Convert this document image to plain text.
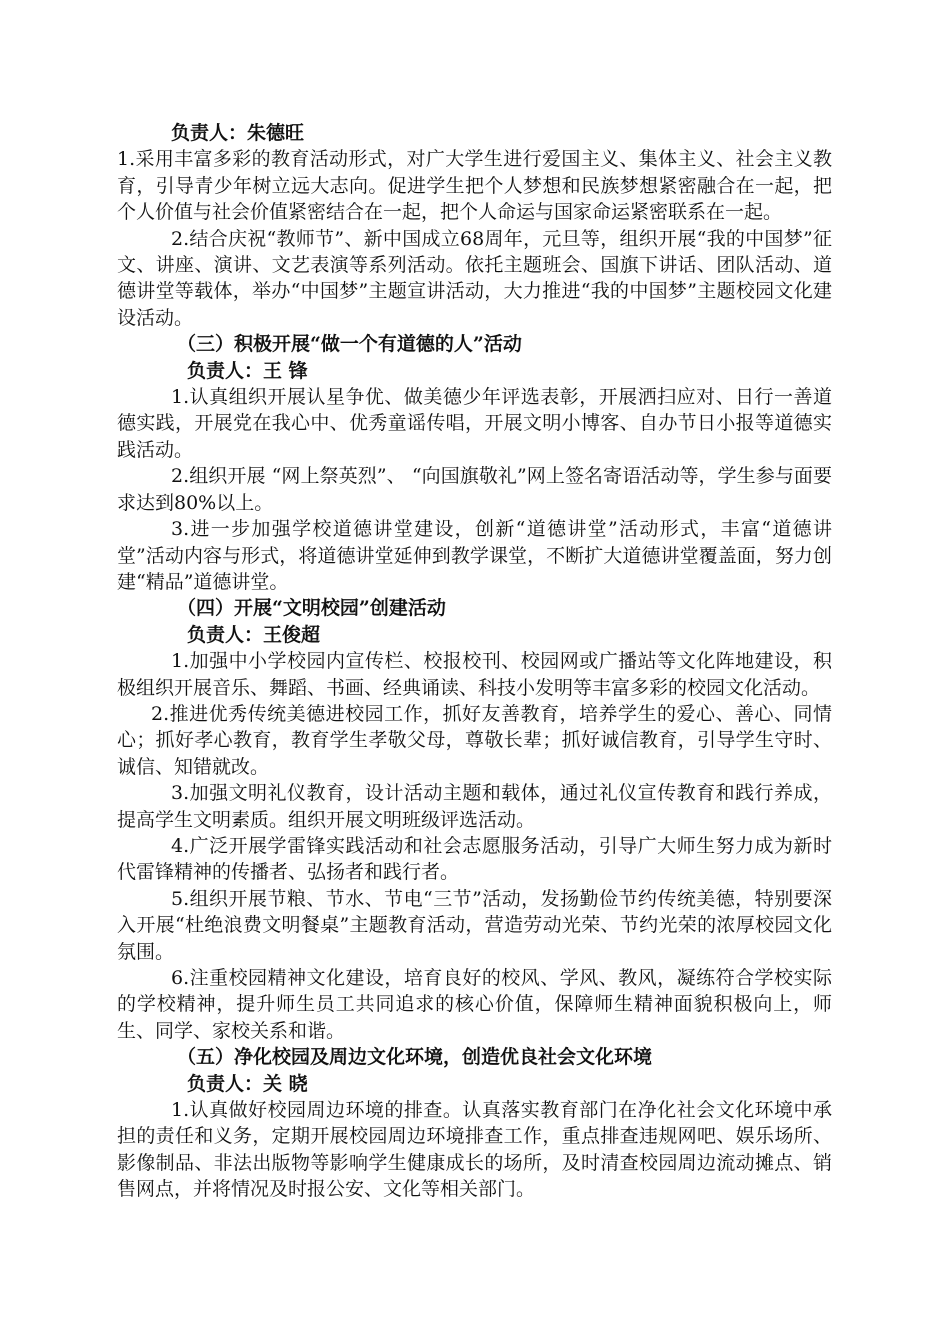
负责人：朱德旺

1.采用丰富多彩的教育活动形式，对广大学生进行爱国主义、集体主义、社会主义教育，引导青少年树立远大志向。促进学生把个人梦想和民族梦想紧密融合在一起，把个人价值与社会价值紧密结合在一起，把个人命运与国家命运紧密联系在一起。

2.结合庆祝“教师节”、新中国成立68周年，元旦等，组织开展“我的中国梦”征文、讲座、演讲、文艺表演等系列活动。依托主题班会、国旗下讲话、团队活动、道德讲堂等载体，举办“中国梦”主题宣讲活动，大力推进“我的中国梦”主题校园文化建设活动。

（三）积极开展“做一个有道德的人”活动

负责人：王 锋

1.认真组织开展认星争优、做美德少年评选表彰，开展洒扫应对、日行一善道德实践，开展党在我心中、优秀童谣传唱，开展文明小博客、自办节日小报等道德实践活动。

2.组织开展 “网上祭英烈”、 “向国旗敬礼”网上签名寄语活动等，学生参与面要求达到80%以上。

3.进一步加强学校道德讲堂建设，创新“道德讲堂”活动形式，丰富“道德讲堂”活动内容与形式，将道德讲堂延伸到教学课堂，不断扩大道德讲堂覆盖面，努力创建“精品”道德讲堂。

（四）开展“文明校园”创建活动

负责人：王俊超

1.加强中小学校园内宣传栏、校报校刊、校园网或广播站等文化阵地建设，积极组织开展音乐、舞蹈、书画、经典诵读、科技小发明等丰富多彩的校园文化活动。

2.推进优秀传统美德进校园工作，抓好友善教育，培养学生的爱心、善心、同情心；抓好孝心教育，教育学生孝敬父母，尊敬长辈；抓好诚信教育，引导学生守时、诚信、知错就改。

3.加强文明礼仪教育，设计活动主题和载体，通过礼仪宣传教育和践行养成，提高学生文明素质。组织开展文明班级评选活动。

4.广泛开展学雷锋实践活动和社会志愿服务活动，引导广大师生努力成为新时代雷锋精神的传播者、弘扬者和践行者。

5.组织开展节粮、节水、节电“三节”活动，发扬勤俭节约传统美德，特别要深入开展“杜绝浪费文明餐桌”主题教育活动，营造劳动光荣、节约光荣的浓厚校园文化氛围。

6.注重校园精神文化建设，培育良好的校风、学风、教风，凝练符合学校实际的学校精神，提升师生员工共同追求的核心价值，保障师生精神面貌积极向上，师生、同学、家校关系和谐。

（五）净化校园及周边文化环境，创造优良社会文化环境

负责人：关 晓

1.认真做好校园周边环境的排查。认真落实教育部门在净化社会文化环境中承担的责任和义务，定期开展校园周边环境排查工作，重点排查违规网吧、娱乐场所、影像制品、非法出版物等影响学生健康成长的场所，及时清查校园周边流动摊点、销售网点，并将情况及时报公安、文化等相关部门。
